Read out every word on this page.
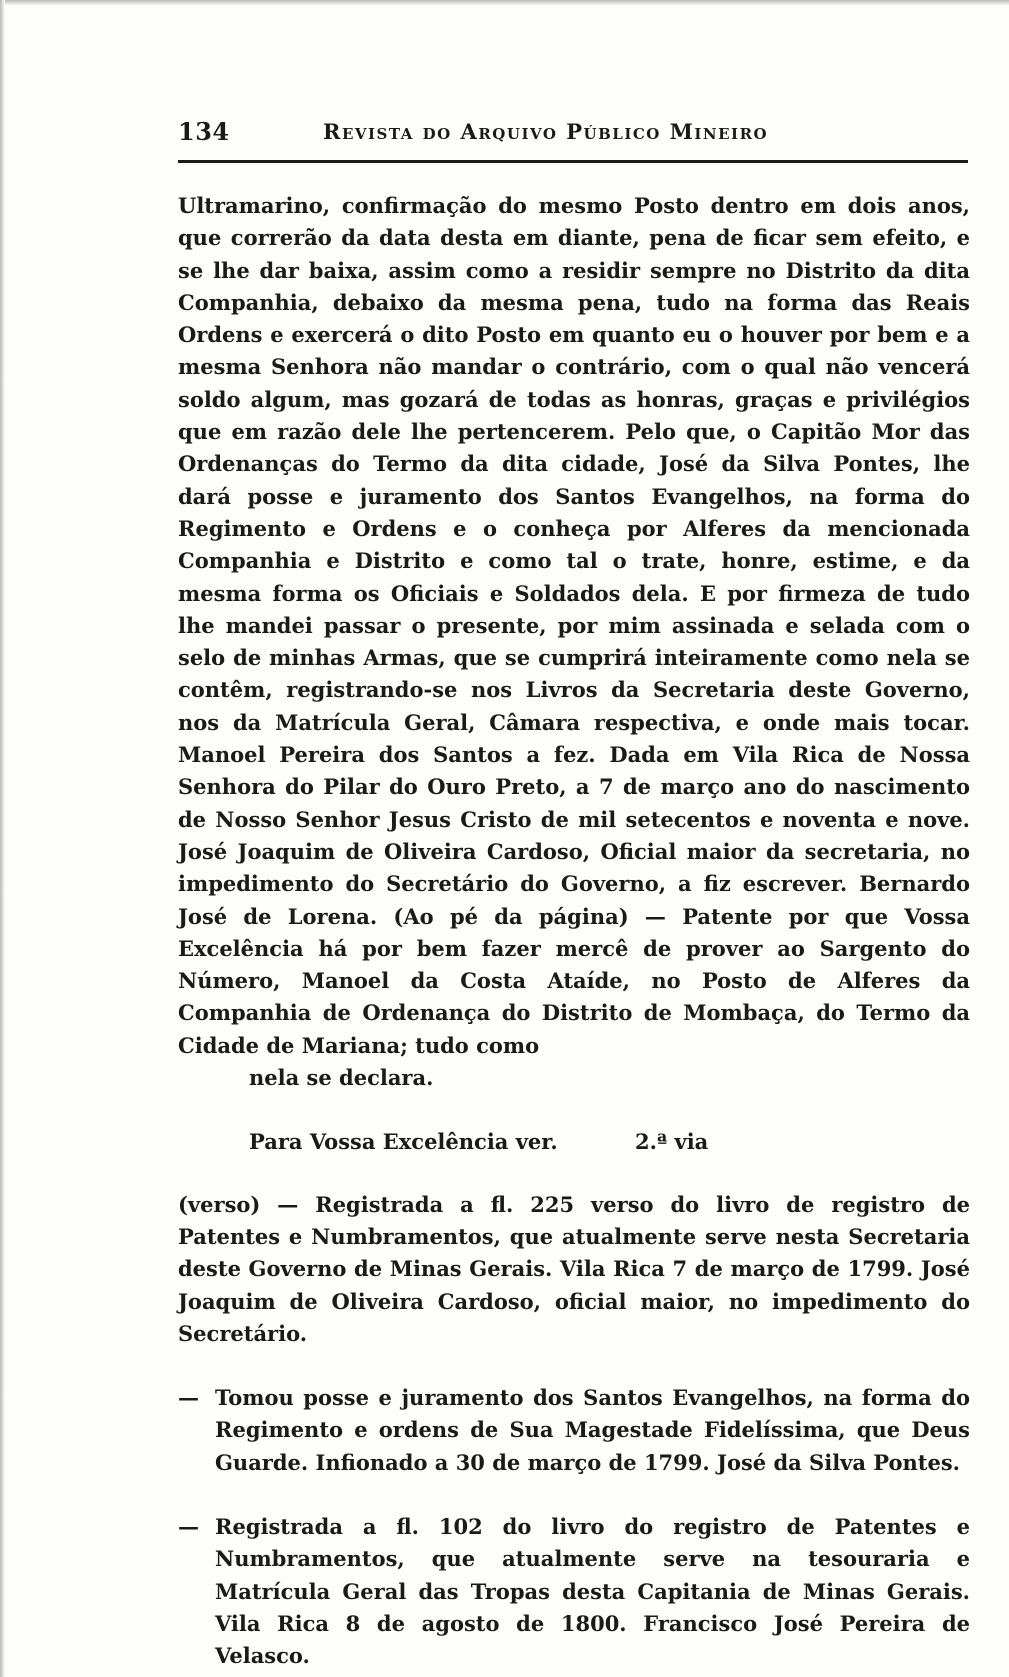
134	Revista do Arquivo Público Mineiro

Ultramarino, confirmação do mesmo Posto dentro em dois anos, que correrão da data desta em diante, pena de ficar sem efeito, e se lhe dar baixa, assim como a residir sempre no Distrito da dita Companhia, debaixo da mesma pena, tudo na forma das Reais Ordens e exercerá o dito Posto em quanto eu o houver por bem e a mesma Senhora não mandar o contrário, com o qual não vencerá soldo algum, mas gozará de todas as honras, graças e privilégios que em razão dele lhe pertencerem. Pelo que, o Capitão Mor das Ordenanças do Termo da dita cidade, José da Silva Pontes, lhe dará posse e juramento dos Santos Evangelhos, na forma do Regimento e Ordens e o conheça por Alferes da mencionada Companhia e Distrito e como tal o trate, honre, estime, e da mesma forma os Oficiais e Soldados dela. E por firmeza de tudo lhe mandei passar o presente, por mim assinada e selada com o selo de minhas Armas, que se cumprirá inteiramente como nela se contêm, registrando-se nos Livros da Secretaria deste Governo, nos da Matrícula Geral, Câmara respectiva, e onde mais tocar. Manoel Pereira dos Santos a fez. Dada em Vila Rica de Nossa Senhora do Pilar do Ouro Preto, a 7 de março ano do nascimento de Nosso Senhor Jesus Cristo de mil setecentos e noventa e nove. José Joaquim de Oliveira Cardoso, Oficial maior da secretaria, no impedimento do Secretário do Governo, a fiz escrever. Bernardo José de Lorena. (Ao pé da página) — Patente por que Vossa Excelência há por bem fazer mercê de prover ao Sargento do Número, Manoel da Costa Ataíde, no Posto de Alferes da Companhia de Ordenança do Distrito de Mombaça, do Termo da Cidade de Mariana; tudo como

nela se declara.

Para Vossa Excelência ver.	2.ª via

(verso) — Registrada a fl. 225 verso do livro de registro de Patentes e Numbramentos, que atualmente serve nesta Secretaria deste Governo de Minas Gerais. Vila Rica 7 de março de 1799. José Joaquim de Oliveira Cardoso, oficial maior, no impedimento do Secretário.

— Tomou posse e juramento dos Santos Evangelhos, na forma do Regimento e ordens de Sua Magestade Fidelíssima, que Deus Guarde. Infionado a 30 de março de 1799. José da Silva Pontes.
— Registrada a fl. 102 do livro do registro de Patentes e Numbramentos, que atualmente serve na tesouraria e Matrícula Geral das Tropas desta Capitania de Minas Gerais. Vila Rica 8 de agosto de 1800. Francisco José Pereira de Velasco.
